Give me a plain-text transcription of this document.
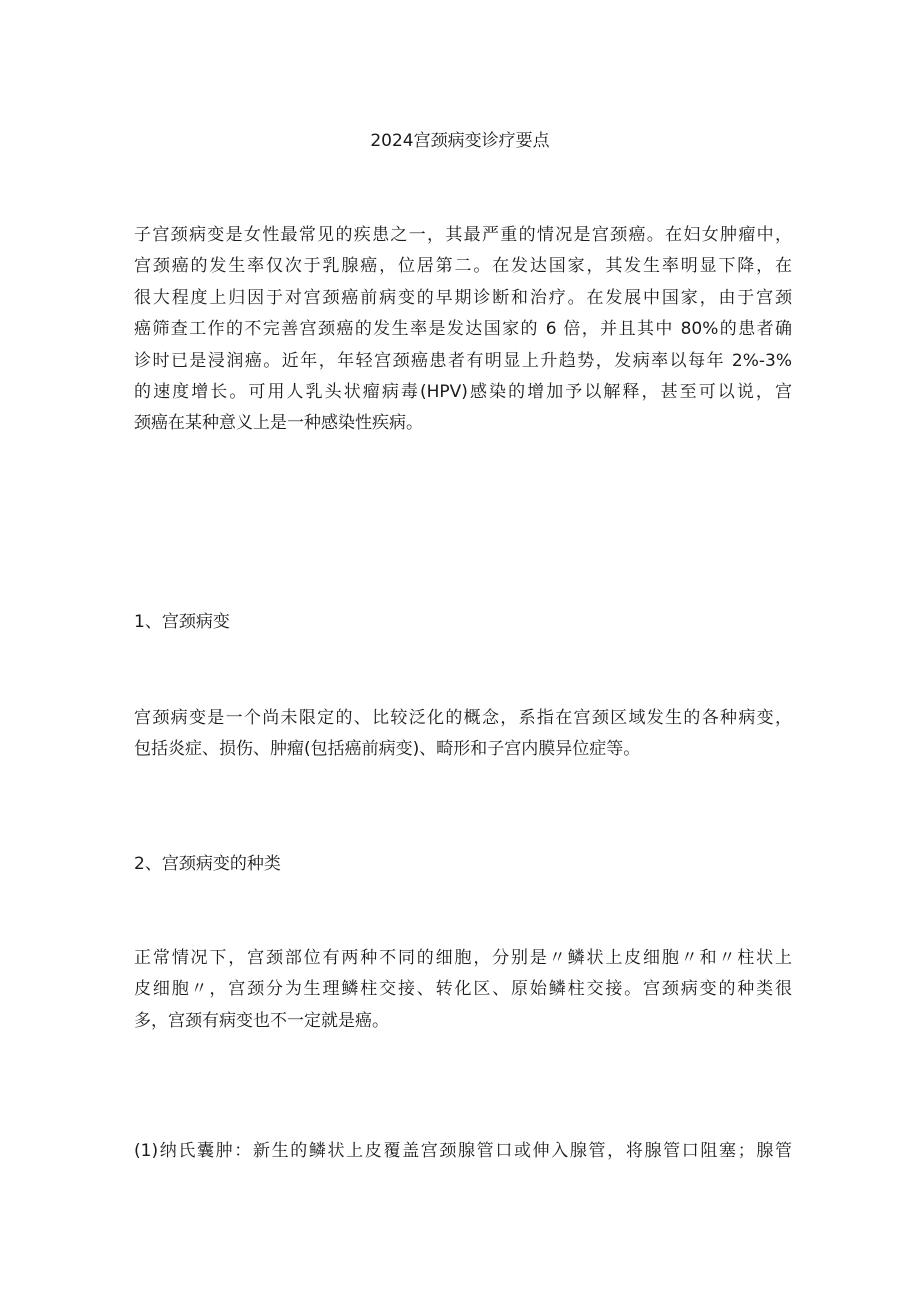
2024宫颈病变诊疗要点

子宫颈病变是女性最常见的疾患之一，其最严重的情况是宫颈癌。在妇女肿瘤中，
宫颈癌的发生率仅次于乳腺癌，位居第二。在发达国家，其发生率明显下降，在
很大程度上归因于对宫颈癌前病变的早期诊断和治疗。在发展中国家，由于宫颈
癌筛查工作的不完善宫颈癌的发生率是发达国家的 6 倍，并且其中 80%的患者确
诊时已是浸润癌。近年，年轻宫颈癌患者有明显上升趋势，发病率以每年 2%-3%
的速度增长。可用人乳头状瘤病毒(HPV)感染的增加予以解释，甚至可以说，宫
颈癌在某种意义上是一种感染性疾病。

1、宫颈病变

宫颈病变是一个尚未限定的、比较泛化的概念，系指在宫颈区域发生的各种病变，
包括炎症、损伤、肿瘤(包括癌前病变)、畸形和子宫内膜异位症等。

2、宫颈病变的种类

正常情况下，宫颈部位有两种不同的细胞，分别是〃鳞状上皮细胞〃和〃柱状上
皮细胞〃，宫颈分为生理鳞柱交接、转化区、原始鳞柱交接。宫颈病变的种类很
多，宫颈有病变也不一定就是癌。

(1)纳氏囊肿：新生的鳞状上皮覆盖宫颈腺管口或伸入腺管，将腺管口阻塞；腺管
